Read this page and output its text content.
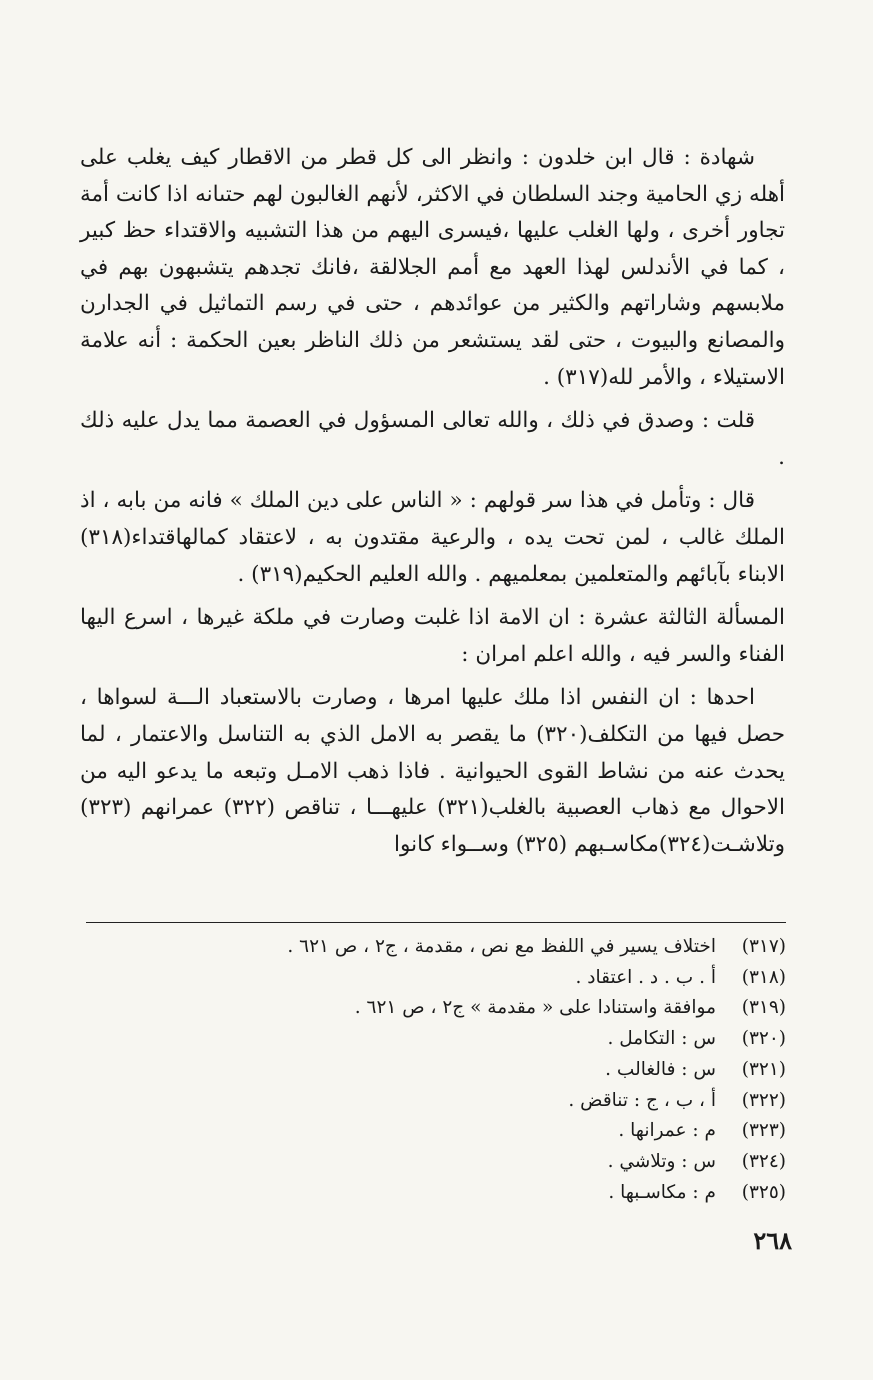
شهادة : قال ابن خلدون : وانظر الى كل قطر من الاقطار كيف يغلب على أهله زي الحامية وجند السلطان في الاكثر، لأنهم الغالبون لهم حتىانه اذا كانت أمة تجاور أخرى ، ولها الغلب عليها ،فيسرى اليهم من هذا التشبيه والاقتداء حظ كبير ، كما في الأندلس لهذا العهد مع أمم الجلالقة ،فانك تجدهم يتشبهون بهم في ملابسهم وشاراتهم والكثير من عوائدهم ، حتى في رسم التماثيل في الجدارن والمصانع والبيوت ، حتى لقد يستشعر من ذلك الناظر بعين الحكمة : أنه علامة الاستيلاء ، والأمر لله(٣١٧) .

قلت : وصدق في ذلك ، والله تعالى المسؤول في العصمة مما يدل عليه ذلك .

قال : وتأمل في هذا سر قولهم : « الناس على دين الملك » فانه من بابه ، اذ الملك غالب ، لمن تحت يده ، والرعية مقتدون به ، لاعتقاد كمالهاقتداء(٣١٨) الابناء بآبائهم والمتعلمين بمعلميهم . والله العليم الحكيم(٣١٩) .

المسألة الثالثة عشرة : ان الامة اذا غلبت وصارت في ملكة غيرها ، اسرع اليها الفناء والسر فيه ، والله اعلم امران :

احدها : ان النفس اذا ملك عليها امرها ، وصارت بالاستعباد الـــة لسواها ، حصل فيها من التكلف(٣٢٠) ما يقصر به الامل الذي به التناسل والاعتمار ، لما يحدث عنه من نشاط القوى الحيوانية . فاذا ذهب الامـل وتبعه ما يدعو اليه من الاحوال مع ذهاب العصبية بالغلب(٣٢١) عليهـــا ، تناقص (٣٢٢) عمرانهم (٣٢٣) وتلاشـت(٣٢٤)مكاسـبهم (٣٢٥) وســواء كانوا

(٣١٧)
اختلاف يسير في اللفظ مع نص ، مقدمة ، ج٢ ، ص ٦٢١ .
(٣١٨)
أ . ب . د . اعتقاد .
(٣١٩)
موافقة واستنادا على « مقدمة » ج٢ ، ص ٦٢١ .
(٣٢٠)
س : التكامل .
(٣٢١)
س : فالغالب .
(٣٢٢)
أ ، ب ، ج : تناقض .
(٣٢٣)
م : عمرانها .
(٣٢٤)
س : وتلاشي .
(٣٢٥)
م : مكاسـبها .
٢٦٨
